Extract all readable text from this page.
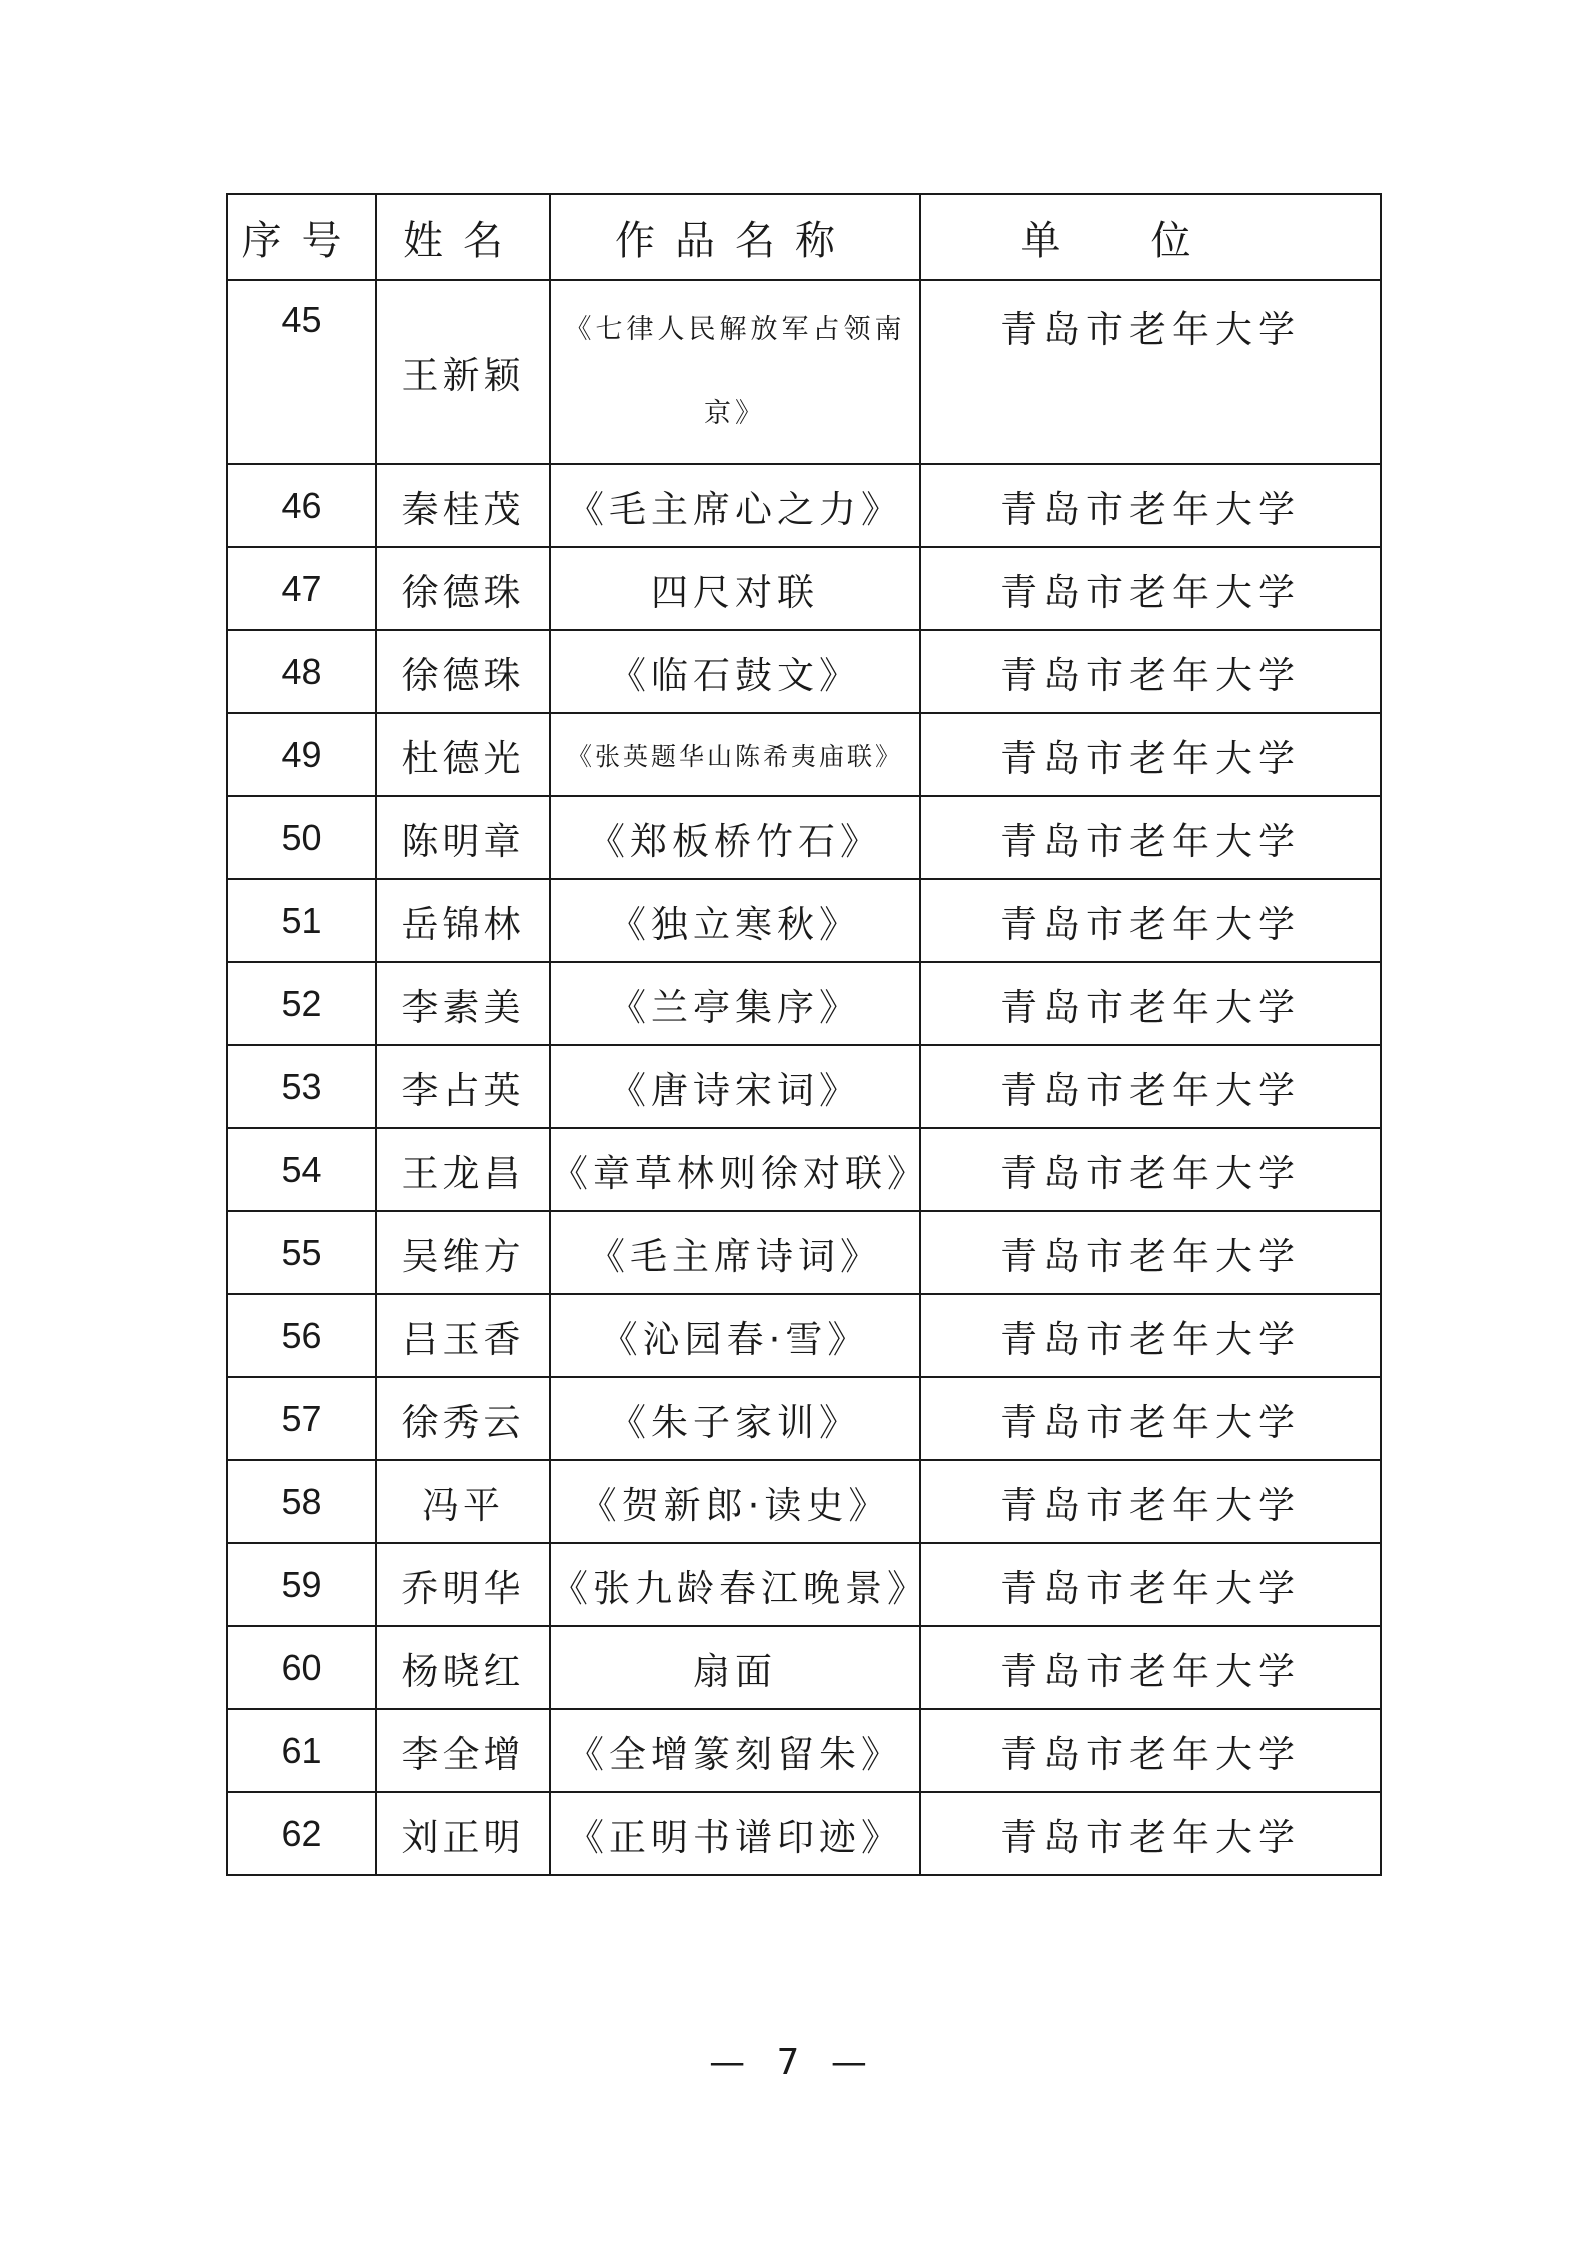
序号	姓名	作品名称	单位
45	王新颖	《七律人民解放军占领南京》	青岛市老年大学
46	秦桂茂	《毛主席心之力》	青岛市老年大学
47	徐德珠	四尺对联	青岛市老年大学
48	徐德珠	《临石鼓文》	青岛市老年大学
49	杜德光	《张英题华山陈希夷庙联》	青岛市老年大学
50	陈明章	《郑板桥竹石》	青岛市老年大学
51	岳锦林	《独立寒秋》	青岛市老年大学
52	李素美	《兰亭集序》	青岛市老年大学
53	李占英	《唐诗宋词》	青岛市老年大学
54	王龙昌	《章草林则徐对联》	青岛市老年大学
55	吴维方	《毛主席诗词》	青岛市老年大学
56	吕玉香	《沁园春·雪》	青岛市老年大学
57	徐秀云	《朱子家训》	青岛市老年大学
58	冯平	《贺新郎·读史》	青岛市老年大学
59	乔明华	《张九龄春江晚景》	青岛市老年大学
60	杨晓红	扇面	青岛市老年大学
61	李全增	《全增篆刻留朱》	青岛市老年大学
62	刘正明	《正明书谱印迹》	青岛市老年大学
— 7 —
